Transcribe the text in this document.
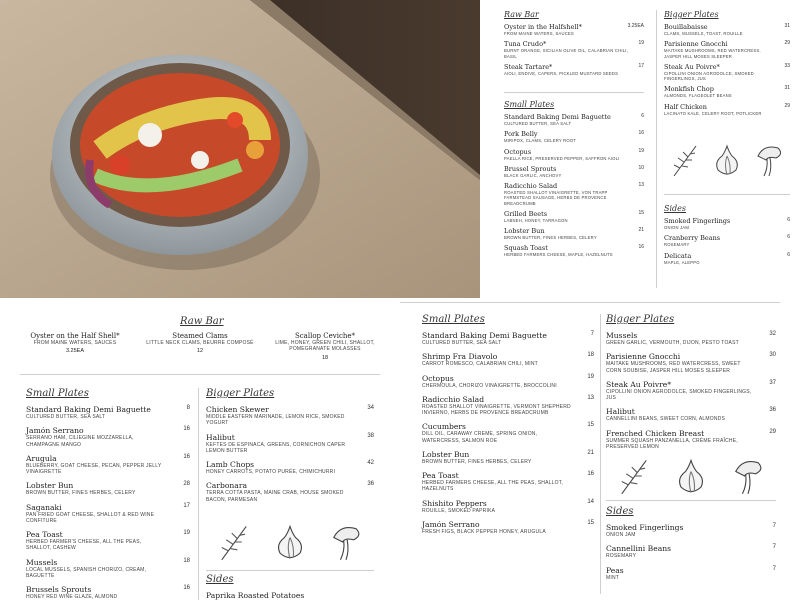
Raw Bar
Oyster in the Halfshell*
FROM MAINE WATERS, SAUCES
3.25EA
Tuna Crudo*
BURNT ORANGE, SICILIAN OLIVE OIL, CALABRIAN CHILI, BASIL
19
Steak Tartare*
AIOLI, ENDIVE, CAPERS, PICKLED MUSTARD SEEDS
17
Small Plates
Standard Baking Demi Baguette
CULTURED BUTTER, SEA SALT
6
Pork Belly
MIRIPOX, CLAMS, CELERY ROOT
16
Octopus
PAELLA RICE, PRESERVED PEPPER, SAFFRON AIOLI
19
Brussel Sprouts
BLACK GARLIC, ANCHOVY
10
Radicchio Salad
ROASTED SHALLOT VINAIGRETTE, VON TRAPP FARMSTEAD SAUSAGE, HERBS DE PROVENCE BREADCRUMB
13
Grilled Beets
LABNEH, HONEY, TARRAGON
15
Lobster Bun
BROWN BUTTER, FINES HERBES, CELERY
21
Squash Toast
HERBED FARMERS CHEESE, MAPLE, HAZELNUTS
16
Bigger Plates
Bouillabaisse
CLAMS, MUSSELS, TOAST, ROUILLE
31
Parisienne Gnocchi
MAITAKE MUSHROOMS, RED WATERCRESS, JASPER HILL MOSES SLEEPER
29
Steak Au Poivre*
CIPOLLINI ONION AGRODOLCE, SMOKED FINGERLINGS, JUS
33
Monkfish Chop
ALMONDS, FLAGEOLET BEANS
31
Half Chicken
LACINATO KALE, CELERY ROOT, POTLICKER
29
Sides
Smoked Fingerlings
ONION JAM
6
Cranberry Beans
ROSEMARY
6
Delicata
MAPLE, ALEPPO
6
Raw Bar
Oyster on the Half Shell*
FROM MAINE WATERS, SAUCES
3.25EA
Steamed Clams
LITTLE NECK CLAMS, BEURRE COMPOSÉ
12
Scallop Ceviche*
LIME, HONEY, GREEN CHILI, SHALLOT, POMEGRANATE MOLASSES
18
Small Plates
Standard Baking Demi Baguette
CULTURED BUTTER, SEA SALT
8
Jamón Serrano
SERRANO HAM, CILIEGINE MOZZARELLA, CHAMPAGNE MANGO
16
Arugula
BLUEBERRY, GOAT CHEESE, PECAN, PEPPER JELLY VINAIGRETTE
16
Lobster Bun
BROWN BUTTER, FINES HERBES, CELERY
28
Saganaki
PAN FRIED GOAT CHEESE, SHALLOT & RED WINE CONFITURE
17
Pea Toast
HERBED FARMER'S CHEESE, ALL THE PEAS, SHALLOT, CASHEW
19
Mussels
LOCAL MUSSELS, SPANISH CHORIZO, CREAM, BAGUETTE
18
Brussels Sprouts
HONEY RED WINE GLAZE, ALMOND
16
Bigger Plates
Chicken Skewer
MIDDLE EASTERN MARINADE, LEMON RICE, SMOKED YOGURT
34
Halibut
KEFTES DE ESPINACA, GREENS, CORNICHON CAPER LEMON BUTTER
38
Lamb Chops
HONEY CARROTS, POTATO PURÉE, CHIMICHURRI
42
Carbonara
TERRA COTTA PASTA, MAINE CRAB, HOUSE SMOKED BACON, PARMESAN
36
Sides
Paprika Roasted Potatoes
Small Plates
Standard Baking Demi Baguette
CULTURED BUTTER, SEA SALT
7
Shrimp Fra Diavolo
CARROT ROMESCO, CALABRIAN CHILI, MINT
18
Octopus
CHERMOULA, CHORIZO VINAIGRETTE, BROCCOLINI
19
Radicchio Salad
ROASTED SHALLOT VINAIGRETTE, VERMONT SHEPHERD INVIERNO, HERBS DE PROVENCE BREADCRUMB
13
Cucumbers
DILL OIL, CARAWAY CREME, SPRING ONION, WATERCRESS, SALMON ROE
15
Lobster Bun
BROWN BUTTER, FINES HERBES, CELERY
21
Pea Toast
HERBED FARMERS CHEESE, ALL THE PEAS, SHALLOT, HAZELNUTS
16
Shishito Peppers
ROUILLE, SMOKED PAPRIKA
14
Jamón Serrano
FRESH FIGS, BLACK PEPPER HONEY, ARUGULA
15
Bigger Plates
Mussels
GREEN GARLIC, VERMOUTH, DIJON, PESTO TOAST
32
Parisienne Gnocchi
MAITAKE MUSHROOMS, RED WATERCRESS, SWEET CORN SOUBISE, JASPER HILL MOSES SLEEPER
30
Steak Au Poivre*
CIPOLLINI ONION AGRODOLCE, SMOKED FINGERLINGS, JUS
37
Halibut
CANNELLINI BEANS, SWEET CORN, ALMONDS
36
Frenched Chicken Breast
SUMMER SQUASH PANZANELLA, CRÈME FRAÎCHE, PRESERVED LEMON
29
Sides
Smoked Fingerlings
ONION JAM
7
Cannellini Beans
ROSEMARY
7
Peas
MINT
7
